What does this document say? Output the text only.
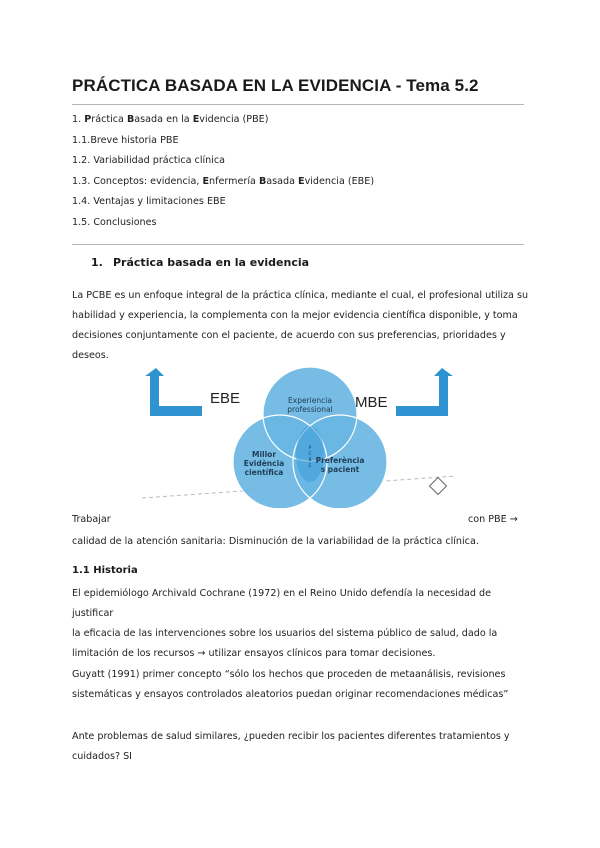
PRÁCTICA BASADA EN LA EVIDENCIA - Tema 5.2
1. Práctica basada en la evidencia
La PCBE es un enfoque integral de la práctica clínica, mediante el cual, el profesional utiliza su
habilidad y experiencia, la complementa con la mejor evidencia científica disponible, y toma
decisiones conjuntamente con el paciente, de acuerdo con sus preferencias, prioridades y
deseos.
EBE	MBE
Experiencia
professional
Millor
Evidència
científica
Preferència
s pacient
P
C
B
E
Trabajar	con PBE →
calidad de la atención sanitaria: Disminución de la variabilidad de la práctica clínica.
1.1 Historia
El epidemiólogo Archivald Cochrane (1972) en el Reino Unido defendía la necesidad de justificar
la eficacia de las intervenciones sobre los usuarios del sistema público de salud, dado la
limitación de los recursos → utilizar ensayos clínicos para tomar decisiones.
Guyatt (1991) primer concepto “sólo los hechos que proceden de metaanálisis, revisiones
sistemáticas y ensayos controlados aleatorios puedan originar recomendaciones médicas”
Ante problemas de salud similares, ¿pueden recibir los pacientes diferentes tratamientos y
cuidados? SI
1. Práctica Basada en la Evidencia (PBE)
1.1.Breve historia PBE
1.2. Variabilidad práctica clínica
1.3. Conceptos: evidencia, Enfermería Basada Evidencia (EBE)
1.4. Ventajas y limitaciones EBE
1.5. Conclusiones
